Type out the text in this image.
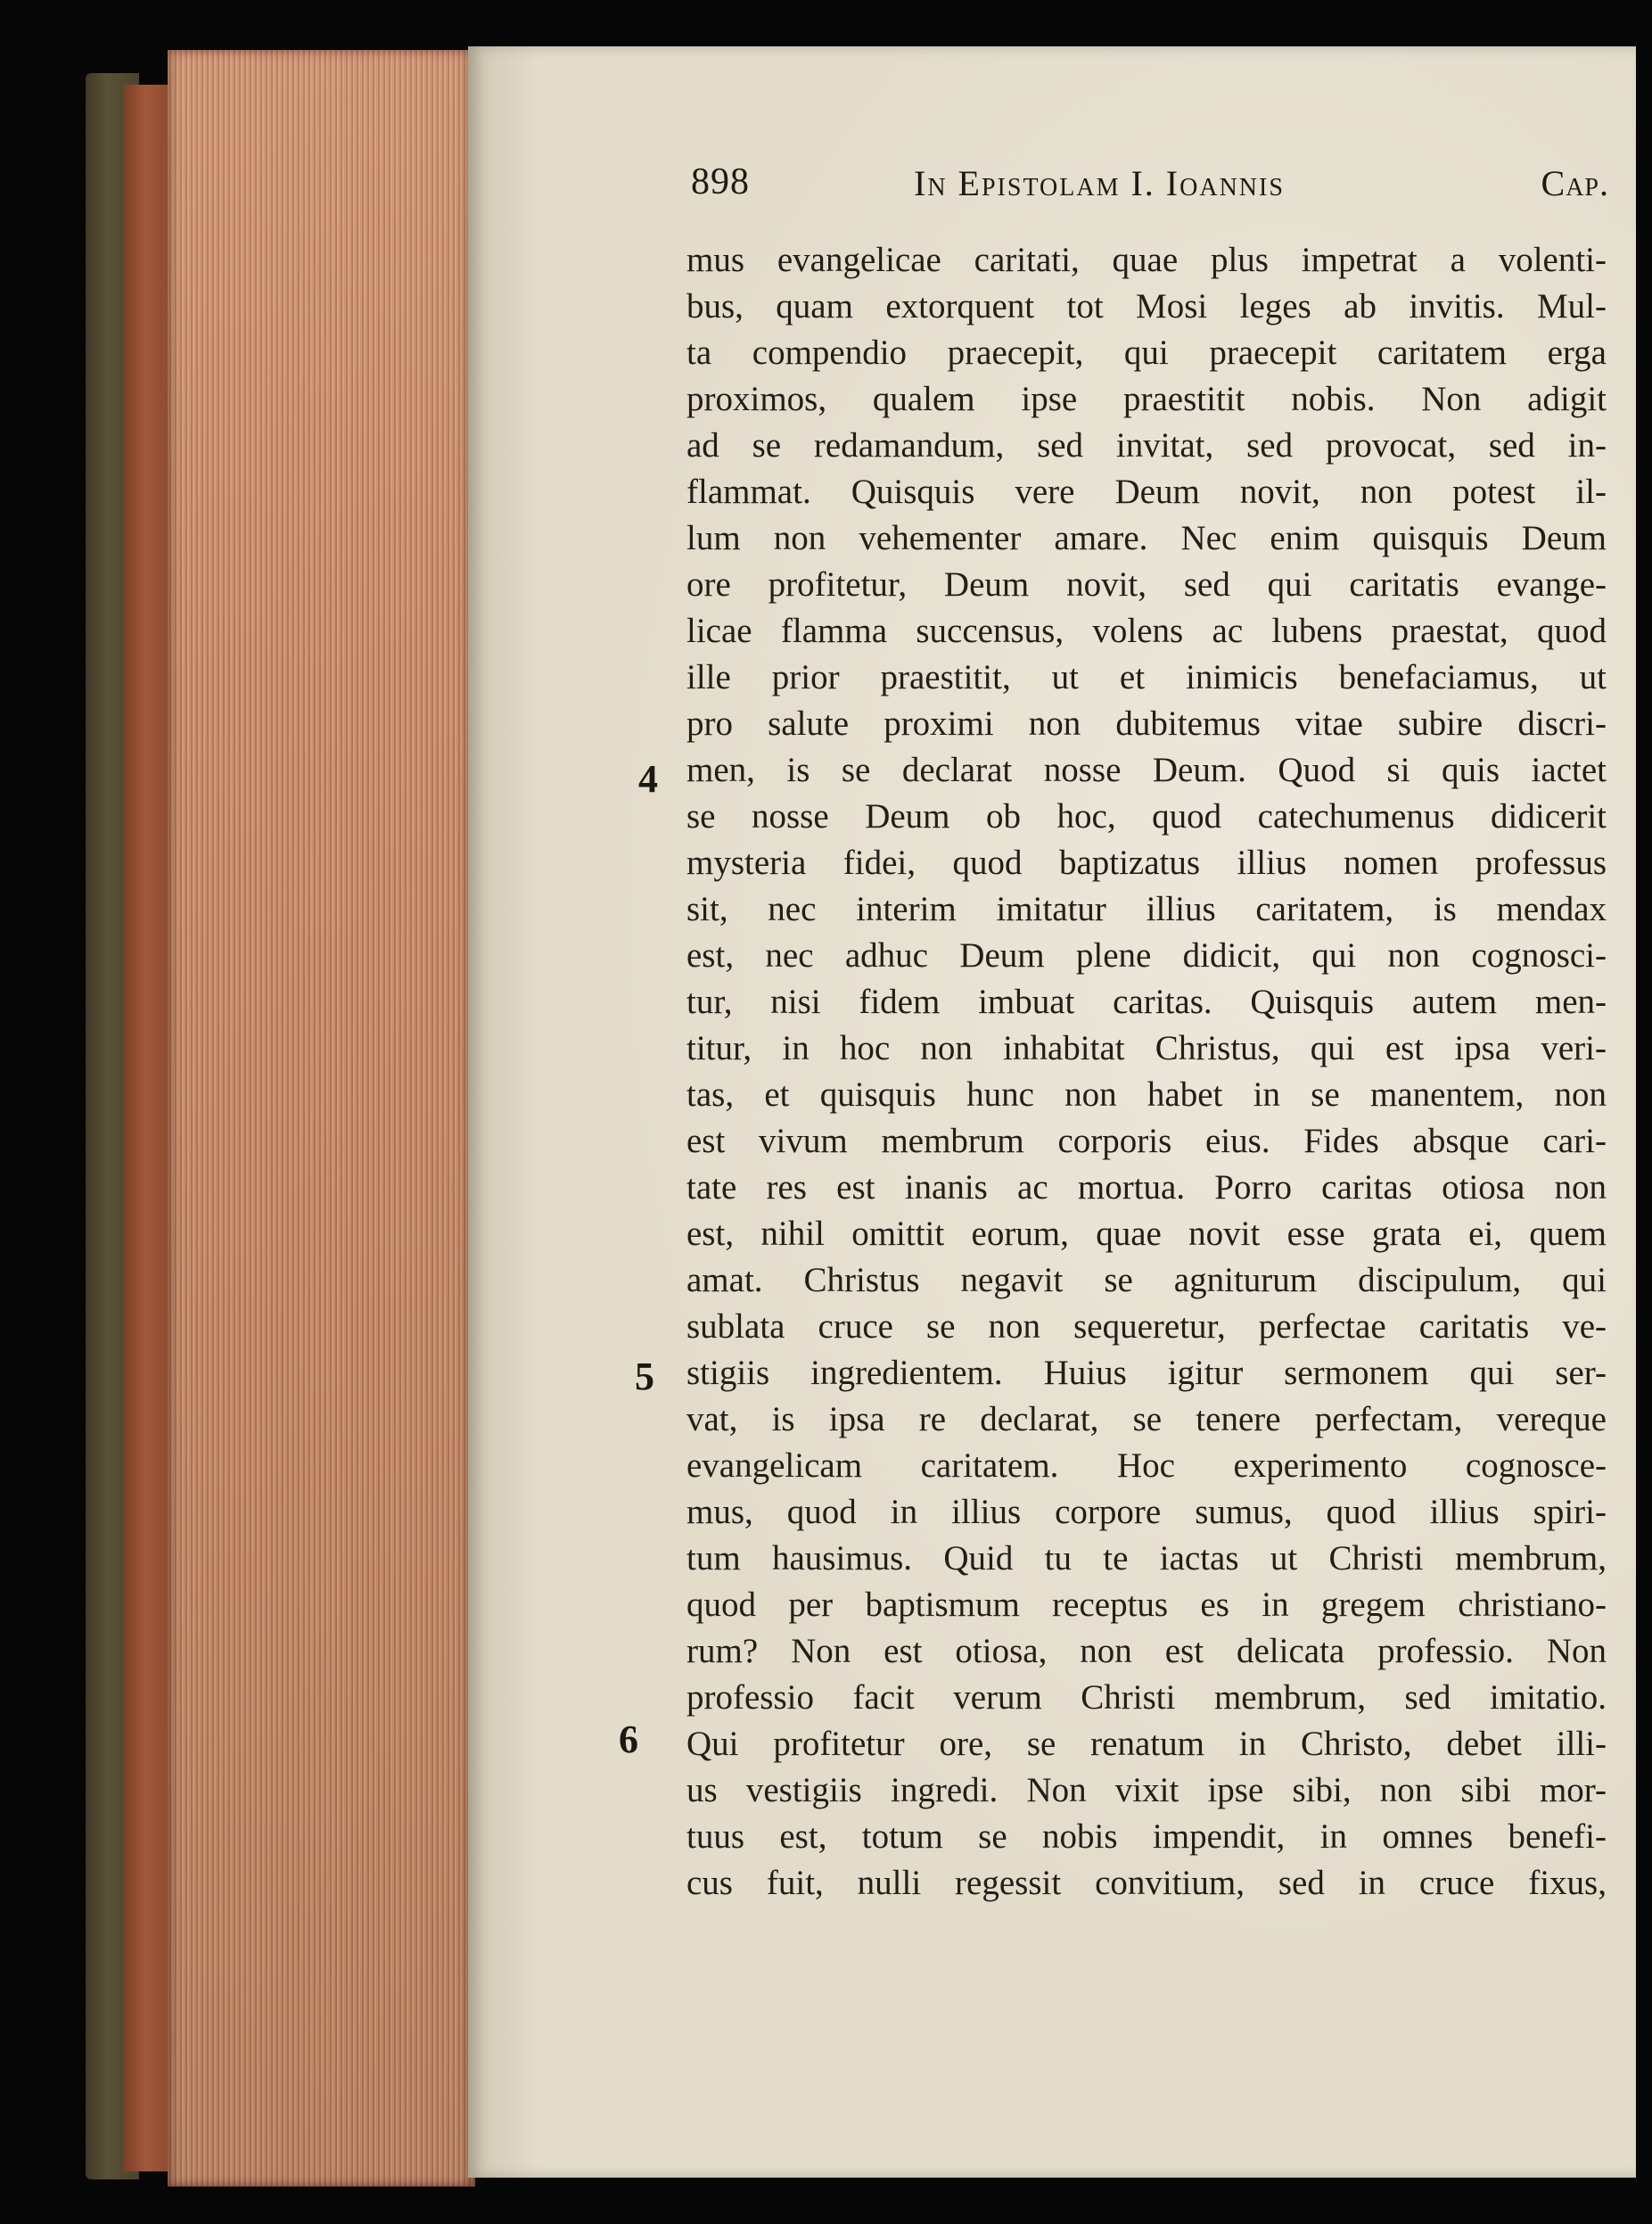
898	In Epistolam I. Ioannis	Cap.
mus evangelicae caritati, quae plus impetrat a volenti-
bus, quam extorquent tot Mosi leges ab invitis. Mul-
ta compendio praecepit, qui praecepit caritatem erga
proximos, qualem ipse praestitit nobis. Non adigit
ad se redamandum, sed invitat, sed provocat, sed in-
flammat. Quisquis vere Deum novit, non potest il-
lum non vehementer amare. Nec enim quisquis Deum
ore profitetur, Deum novit, sed qui caritatis evange-
licae flamma succensus, volens ac lubens praestat, quod
ille prior praestitit, ut et inimicis benefaciamus, ut
pro salute proximi non dubitemus vitae subire discri-
men, is se declarat nosse Deum. Quod si quis iactet
se nosse Deum ob hoc, quod catechumenus didicerit
mysteria fidei, quod baptizatus illius nomen professus
sit, nec interim imitatur illius caritatem, is mendax
est, nec adhuc Deum plene didicit, qui non cognosci-
tur, nisi fidem imbuat caritas. Quisquis autem men-
titur, in hoc non inhabitat Christus, qui est ipsa veri-
tas, et quisquis hunc non habet in se manentem, non
est vivum membrum corporis eius. Fides absque cari-
tate res est inanis ac mortua. Porro caritas otiosa non
est, nihil omittit eorum, quae novit esse grata ei, quem
amat. Christus negavit se agniturum discipulum, qui
sublata cruce se non sequeretur, perfectae caritatis ve-
stigiis ingredientem. Huius igitur sermonem qui ser-
vat, is ipsa re declarat, se tenere perfectam, vereque
evangelicam caritatem. Hoc experimento cognosce-
mus, quod in illius corpore sumus, quod illius spiri-
tum hausimus. Quid tu te iactas ut Christi membrum,
quod per baptismum receptus es in gregem christiano-
rum? Non est otiosa, non est delicata professio. Non
professio facit verum Christi membrum, sed imitatio.
Qui profitetur ore, se renatum in Christo, debet illi-
us vestigiis ingredi. Non vixit ipse sibi, non sibi mor-
tuus est, totum se nobis impendit, in omnes benefi-
cus fuit, nulli regessit convitium, sed in cruce fixus,
4
5
6
